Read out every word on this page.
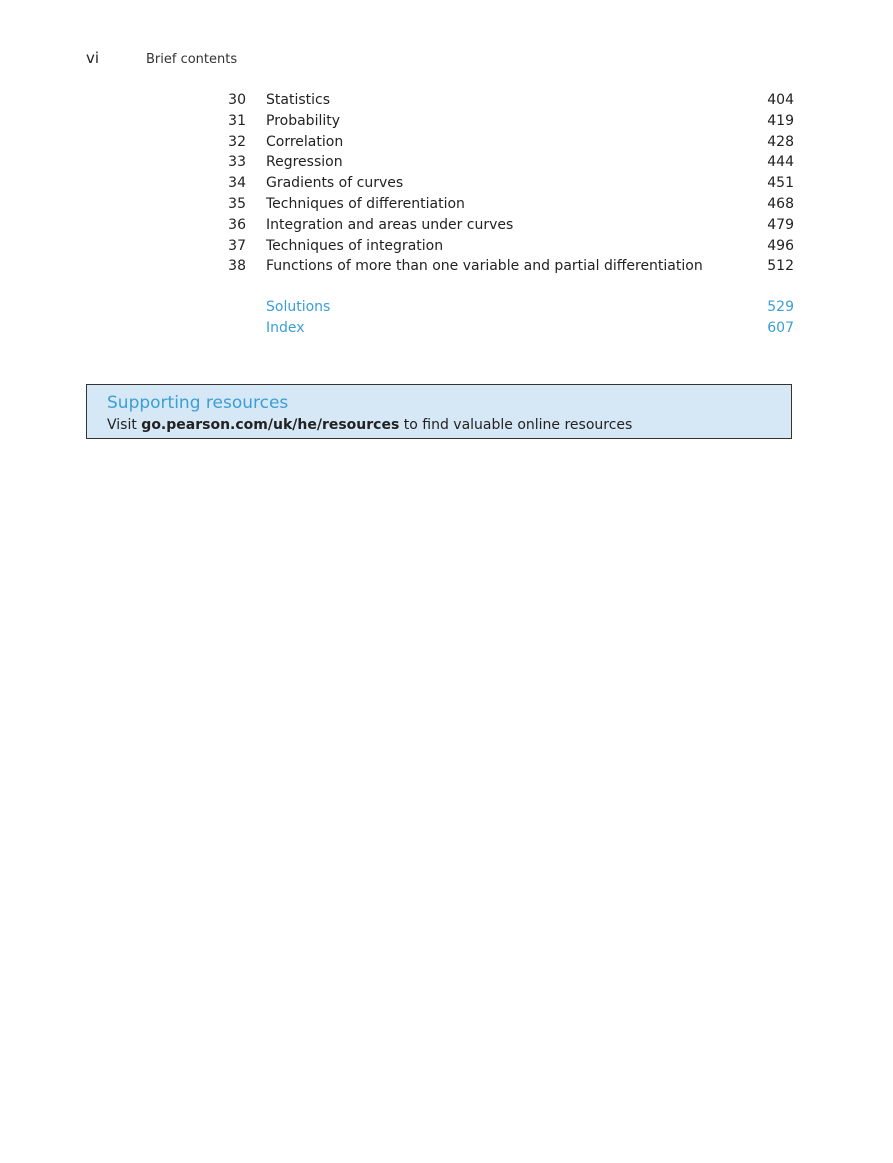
vi	Brief contents
30	Statistics	404
31	Probability	419
32	Correlation	428
33	Regression	444
34	Gradients of curves	451
35	Techniques of differentiation	468
36	Integration and areas under curves	479
37	Techniques of integration	496
38	Functions of more than one variable and partial differentiation	512
Solutions	529
Index	607
Supporting resources
Visit go.pearson.com/uk/he/resources to find valuable online resources
